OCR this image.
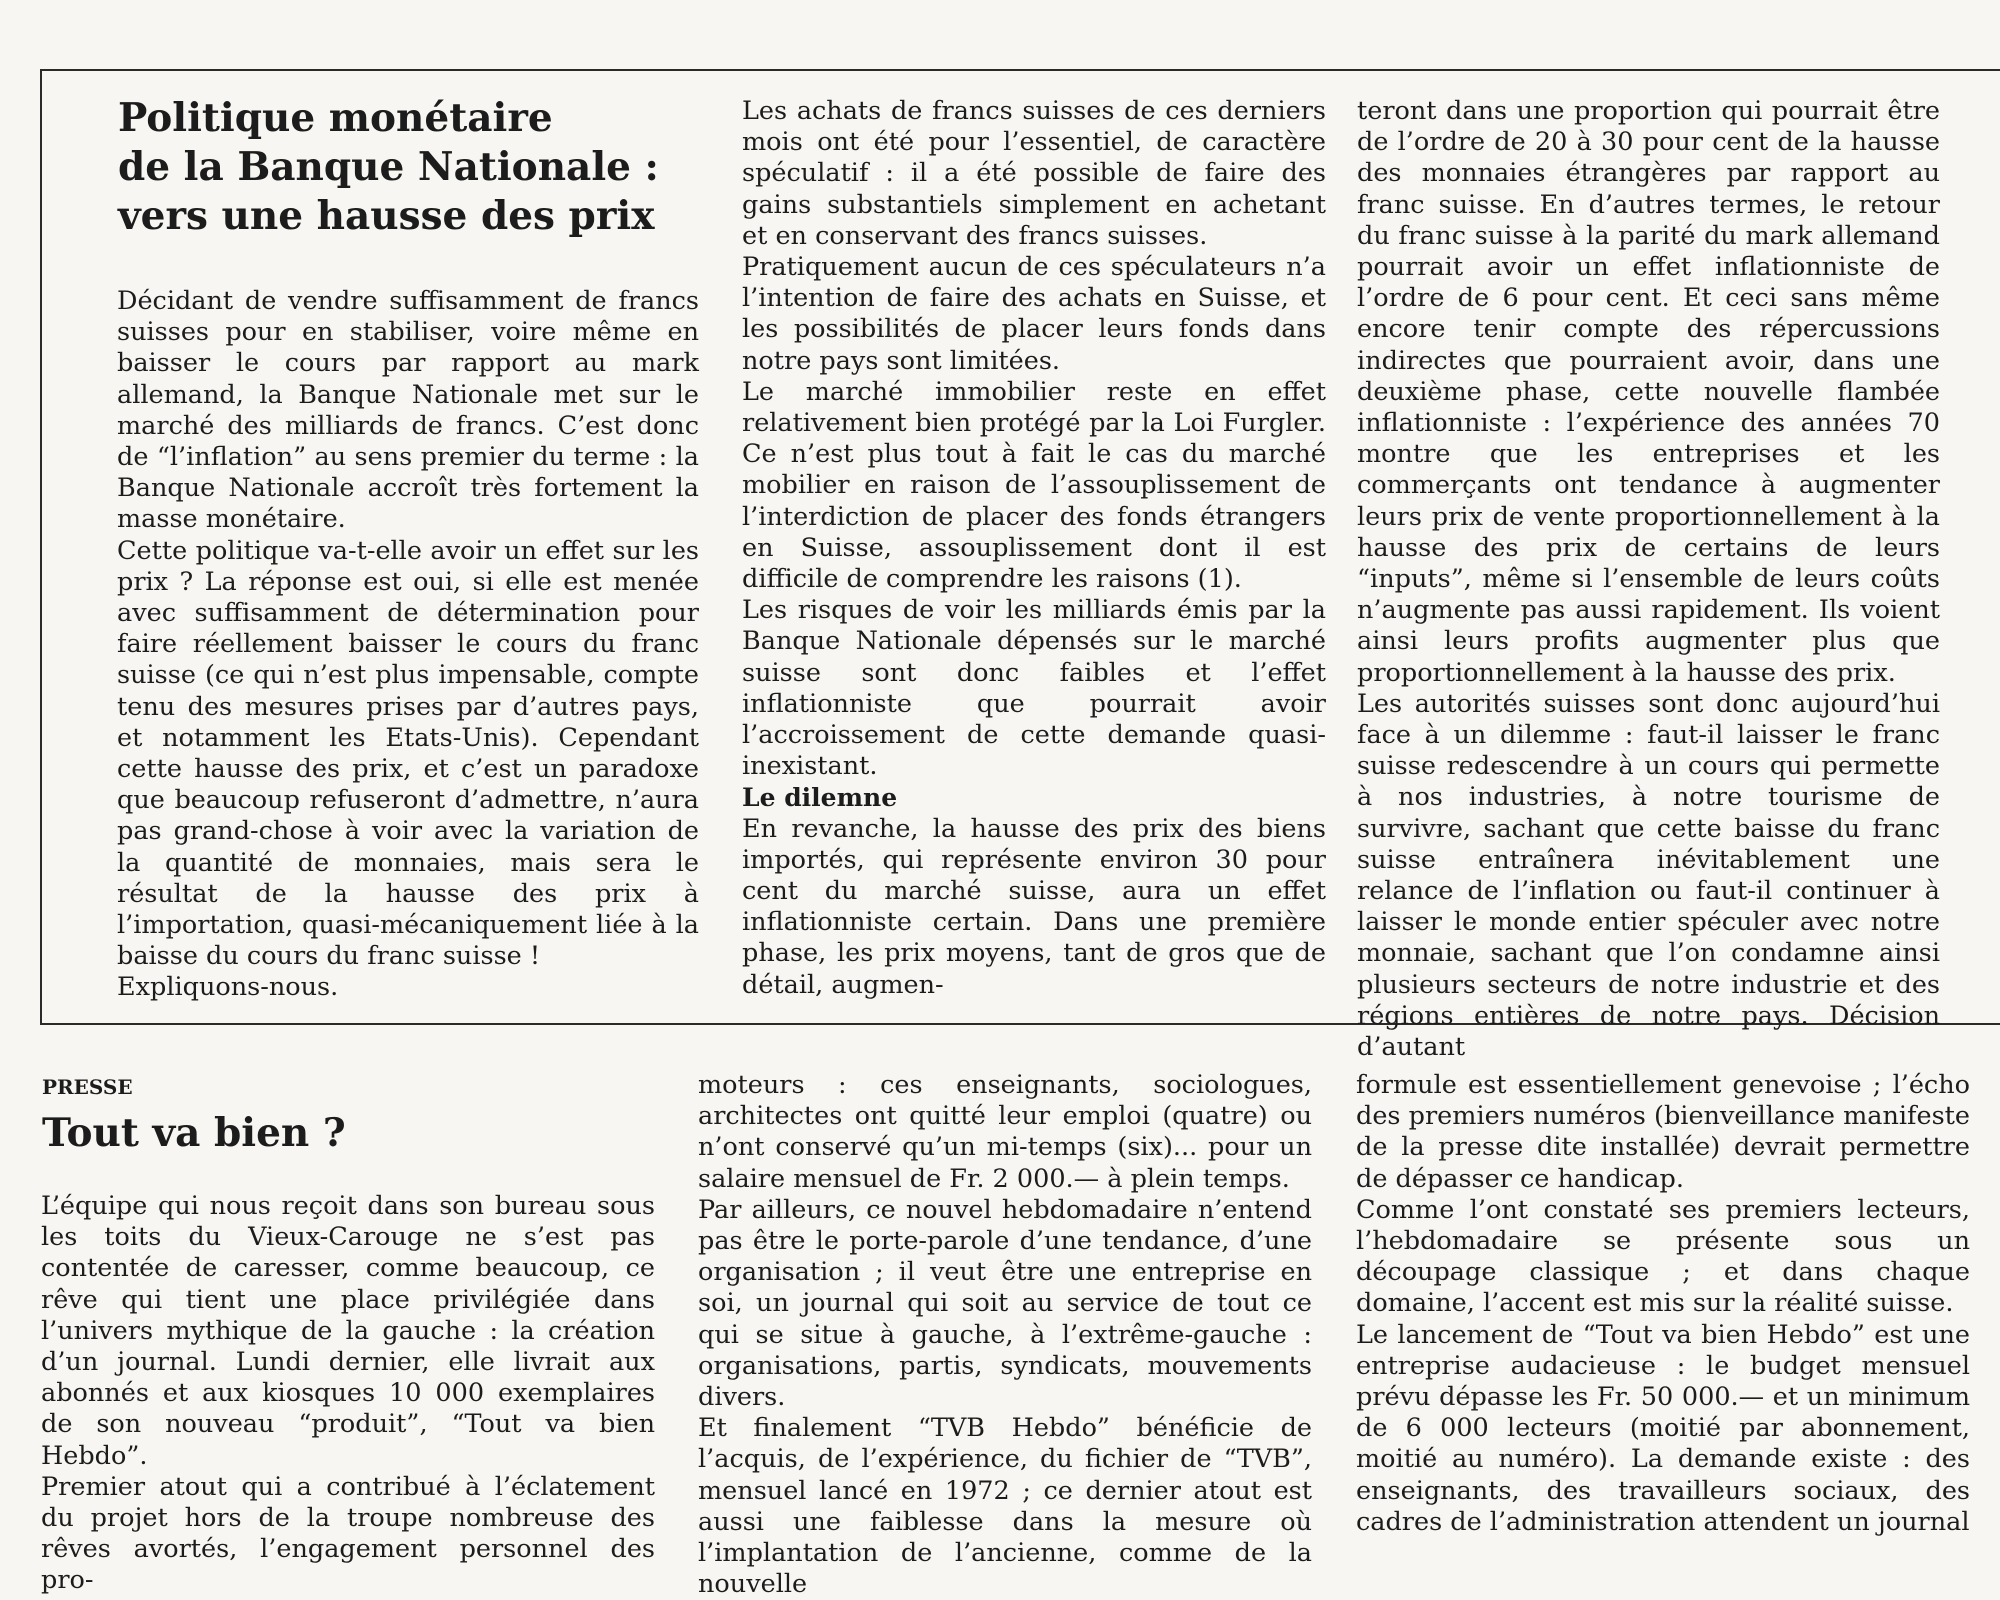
Politique monétaire
de la Banque Nationale :
vers une hausse des prix

Décidant de vendre suffisamment de francs suisses pour en stabiliser, voire même en baisser le cours par rapport au mark allemand, la Banque Nationale met sur le marché des milliards de francs. C’est donc de “l’inflation” au sens premier du terme : la Banque Nationale accroît très fortement la masse monétaire.

Cette politique va-t-elle avoir un effet sur les prix ? La réponse est oui, si elle est menée avec suffisamment de détermination pour faire réellement baisser le cours du franc suisse (ce qui n’est plus impensable, compte tenu des mesures prises par d’autres pays, et notamment les Etats-Unis). Cependant cette hausse des prix, et c’est un paradoxe que beaucoup refuseront d’admettre, n’aura pas grand-chose à voir avec la variation de la quantité de monnaies, mais sera le résultat de la hausse des prix à l’importation, quasi-mécaniquement liée à la baisse du cours du franc suisse !

Expliquons-nous.

Les achats de francs suisses de ces derniers mois ont été pour l’essentiel, de caractère spéculatif : il a été possible de faire des gains substantiels simplement en achetant et en conservant des francs suisses.

Pratiquement aucun de ces spéculateurs n’a l’intention de faire des achats en Suisse, et les possibilités de placer leurs fonds dans notre pays sont limitées.

Le marché immobilier reste en effet relativement bien protégé par la Loi Furgler. Ce n’est plus tout à fait le cas du marché mobilier en raison de l’assouplissement de l’interdiction de placer des fonds étrangers en Suisse, assouplissement dont il est difficile de comprendre les raisons (1).

Les risques de voir les milliards émis par la Banque Nationale dépensés sur le marché suisse sont donc faibles et l’effet inflationniste que pourrait avoir l’accroissement de cette demande quasi-inexistant.

Le dilemne

En revanche, la hausse des prix des biens importés, qui représente environ 30 pour cent du marché suisse, aura un effet inflationniste certain. Dans une première phase, les prix moyens, tant de gros que de détail, augmen-

teront dans une proportion qui pourrait être de l’ordre de 20 à 30 pour cent de la hausse des monnaies étrangères par rapport au franc suisse. En d’autres termes, le retour du franc suisse à la parité du mark allemand pourrait avoir un effet inflationniste de l’ordre de 6 pour cent. Et ceci sans même encore tenir compte des répercussions indirectes que pourraient avoir, dans une deuxième phase, cette nouvelle flambée inflationniste : l’expérience des années 70 montre que les entreprises et les commerçants ont tendance à augmenter leurs prix de vente proportionnellement à la hausse des prix de certains de leurs “inputs”, même si l’ensemble de leurs coûts n’augmente pas aussi rapidement. Ils voient ainsi leurs profits augmenter plus que proportionnellement à la hausse des prix.

Les autorités suisses sont donc aujourd’hui face à un dilemme : faut-il laisser le franc suisse redescendre à un cours qui permette à nos industries, à notre tourisme de survivre, sachant que cette baisse du franc suisse entraînera inévitablement une relance de l’inflation ou faut-il continuer à laisser le monde entier spéculer avec notre monnaie, sachant que l’on condamne ainsi plusieurs secteurs de notre industrie et des régions entières de notre pays. Décision d’autant

PRESSE

Tout va bien ?

L’équipe qui nous reçoit dans son bureau sous les toits du Vieux-Carouge ne s’est pas contentée de caresser, comme beaucoup, ce rêve qui tient une place privilégiée dans l’univers mythique de la gauche : la création d’un journal. Lundi dernier, elle livrait aux abonnés et aux kiosques 10 000 exemplaires de son nouveau “produit”, “Tout va bien Hebdo”.

Premier atout qui a contribué à l’éclatement du projet hors de la troupe nombreuse des rêves avortés, l’engagement personnel des pro-

moteurs : ces enseignants, sociologues, architectes ont quitté leur emploi (quatre) ou n’ont conservé qu’un mi-temps (six)... pour un salaire mensuel de Fr. 2 000.— à plein temps.

Par ailleurs, ce nouvel hebdomadaire n’entend pas être le porte-parole d’une tendance, d’une organisation ; il veut être une entreprise en soi, un journal qui soit au service de tout ce qui se situe à gauche, à l’extrême-gauche : organisations, partis, syndicats, mouvements divers.

Et finalement “TVB Hebdo” bénéficie de l’acquis, de l’expérience, du fichier de “TVB”, mensuel lancé en 1972 ; ce dernier atout est aussi une faiblesse dans la mesure où l’implantation de l’ancienne, comme de la nouvelle

formule est essentiellement genevoise ; l’écho des premiers numéros (bienveillance manifeste de la presse dite installée) devrait permettre de dépasser ce handicap.

Comme l’ont constaté ses premiers lecteurs, l’hebdomadaire se présente sous un découpage classique ; et dans chaque domaine, l’accent est mis sur la réalité suisse.

Le lancement de “Tout va bien Hebdo” est une entreprise audacieuse : le budget mensuel prévu dépasse les Fr. 50 000.— et un minimum de 6 000 lecteurs (moitié par abonnement, moitié au numéro). La demande existe : des enseignants, des travailleurs sociaux, des cadres de l’administration attendent un journal
